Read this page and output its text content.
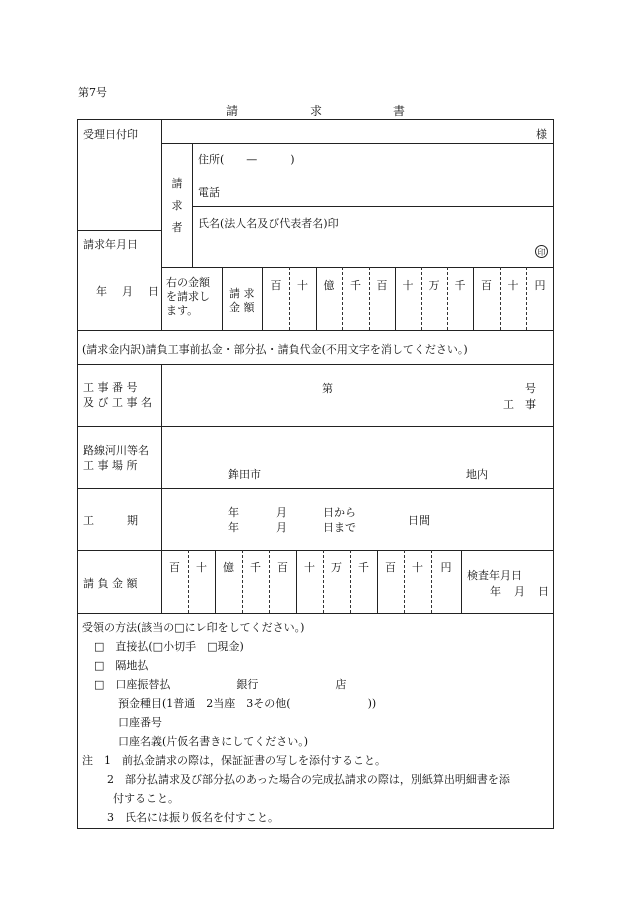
第7号
請	求	書
受理日付印	様
請
求
者
住所(　　—　　　)
電話
氏名(法人名及び代表者名)印
印
請求年月日
年　月　日
右の金額
を請求し
ます。
請 求
金 額
百	十	億	千	百	十	万	千	百	十	円
(請求金内訳)請負工事前払金・部分払・請負代金(不用文字を消してください。)
工 事 番 号
及 び 工 事 名
第	号
工　事
路線河川等名
工 事 場 所
鉾田市	地内
工　　　期
年	月	日から
年	月	日まで
日間
請 負 金 額
百	十	億	千	百	十	万	千	百	十	円
検査年月日
年　月　日
受領の方法(該当の□にレ印をしてください。)
□　直接払(□小切手　□現金)
□　隔地払
□　口座振替払　　　　　　銀行　　　　　　　店
預金種目(1普通　2当座　3その他(　　　　　　　))
口座番号
口座名義(片仮名書きにしてください。)
注　1　前払金請求の際は，保証証書の写しを添付すること。
2　部分払請求及び部分払のあった場合の完成払請求の際は，別紙算出明細書を添
付すること。
3　氏名には振り仮名を付すこと。
